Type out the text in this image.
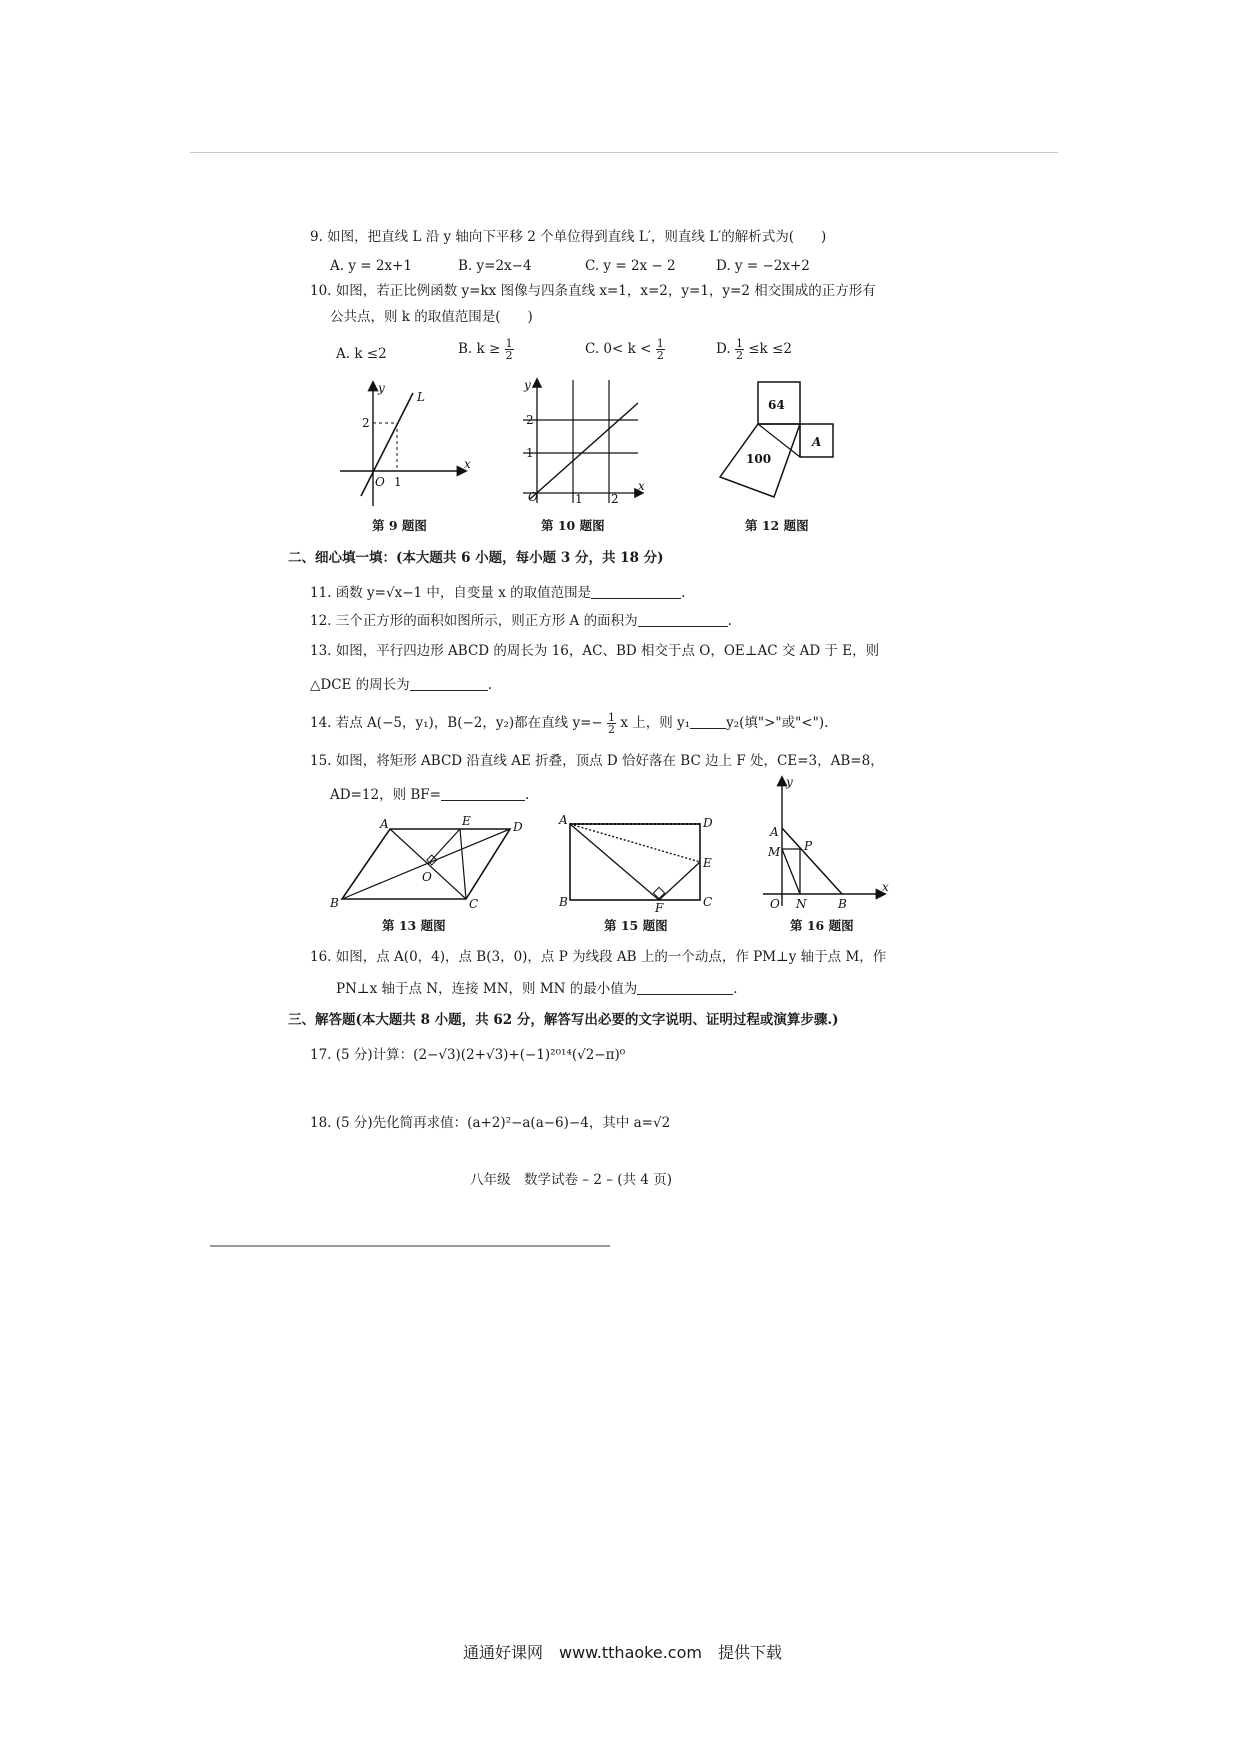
9. 如图，把直线 L 沿 y 轴向下平移 2 个单位得到直线 L′，则直线 L′的解析式为(　　)
A. y = 2x+1	B. y=2x−4	C. y = 2x − 2	D. y = −2x+2
10. 如图，若正比例函数 y=kx 图像与四条直线 x=1，x=2，y=1，y=2 相交围成的正方形有
公共点，则 k 的取值范围是(　　)
A. k ≤2	B. $k \ge \frac{1}{2}$	C. $0< k < \frac{1}{2}$	D. $\frac{1}{2} \le k \le 2$
y
x
O
L
2
1
第 9 题图
y
x
O
1
2
1 2
第 10 题图
64
100
A
第 12 题图
二、细心填一填：(本大题共 6 小题，每小题 3 分，共 18 分)
11. 函数 y=√x−1 中，自变量 x 的取值范围是	.
12. 三个正方形的面积如图所示，则正方形 A 的面积为	.
13. 如图，平行四边形 ABCD 的周长为 16，AC、BD 相交于点 O，OE⊥AC 交 AD 于 E，则
△DCE 的周长为	.
14. 若点 A(−5，y₁)，B(−2，y₂)都在直线 $y=- \frac{1}{2}$ x 上，则 y₁	y₂(填">"或"<").
15. 如图，将矩形 ABCD 沿直线 AE 折叠，顶点 D 恰好落在 BC 边上 F 处，CE=3，AB=8，
AD=12，则 BF=	.
A	E	D
O
B	C
第 13 题图
A	D
E
B	F	C
第 15 题图
y
x
A
M P
O N	B
第 16 题图
16. 如图，点 A(0，4)，点 B(3，0)，点 P 为线段 AB 上的一个动点，作 PM⊥y 轴于点 M，作
PN⊥x 轴于点 N，连接 MN，则 MN 的最小值为	.
三、解答题(本大题共 8 小题，共 62 分，解答写出必要的文字说明、证明过程或演算步骤.)
17. (5 分)计算：(2−√3)(2+√3)+(−1)²⁰¹⁴(√2−π)⁰
18. (5 分)先化简再求值：(a+2)²−a(a−6)−4，其中 a=√2
八年级　数学试卷 – 2 – (共 4 页)
通通好课网　www.tthaoke.com　提供下载
